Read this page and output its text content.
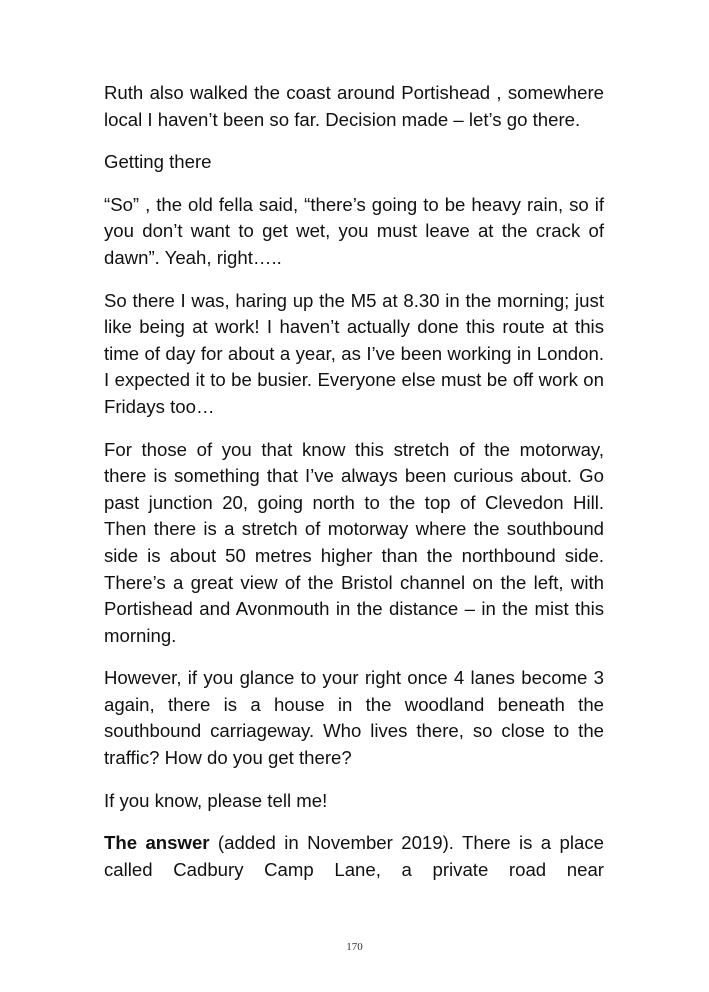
Ruth also walked the coast around Portishead , somewhere local I haven’t been so far. Decision made – let’s go there.

Getting there

“So” , the old fella said, “there’s going to be heavy rain, so if you don’t want to get wet, you must leave at the crack of dawn”. Yeah, right…..

So there I was, haring up the M5 at 8.30 in the morning; just like being at work! I haven’t actually done this route at this time of day for about a year, as I’ve been working in London. I expected it to be busier. Everyone else must be off work on Fridays too…

For those of you that know this stretch of the motorway, there is something that I’ve always been curious about. Go past junction 20, going north to the top of Clevedon Hill. Then there is a stretch of motorway where the southbound side is about 50 metres higher than the northbound side. There’s a great view of the Bristol channel on the left, with Portishead and Avonmouth in the distance – in the mist this morning.

However, if you glance to your right once 4 lanes become 3 again, there is a house in the woodland beneath the southbound carriageway. Who lives there, so close to the traffic? How do you get there?

If you know, please tell me!

The answer (added in November 2019). There is a place called Cadbury Camp Lane, a private road near

170
